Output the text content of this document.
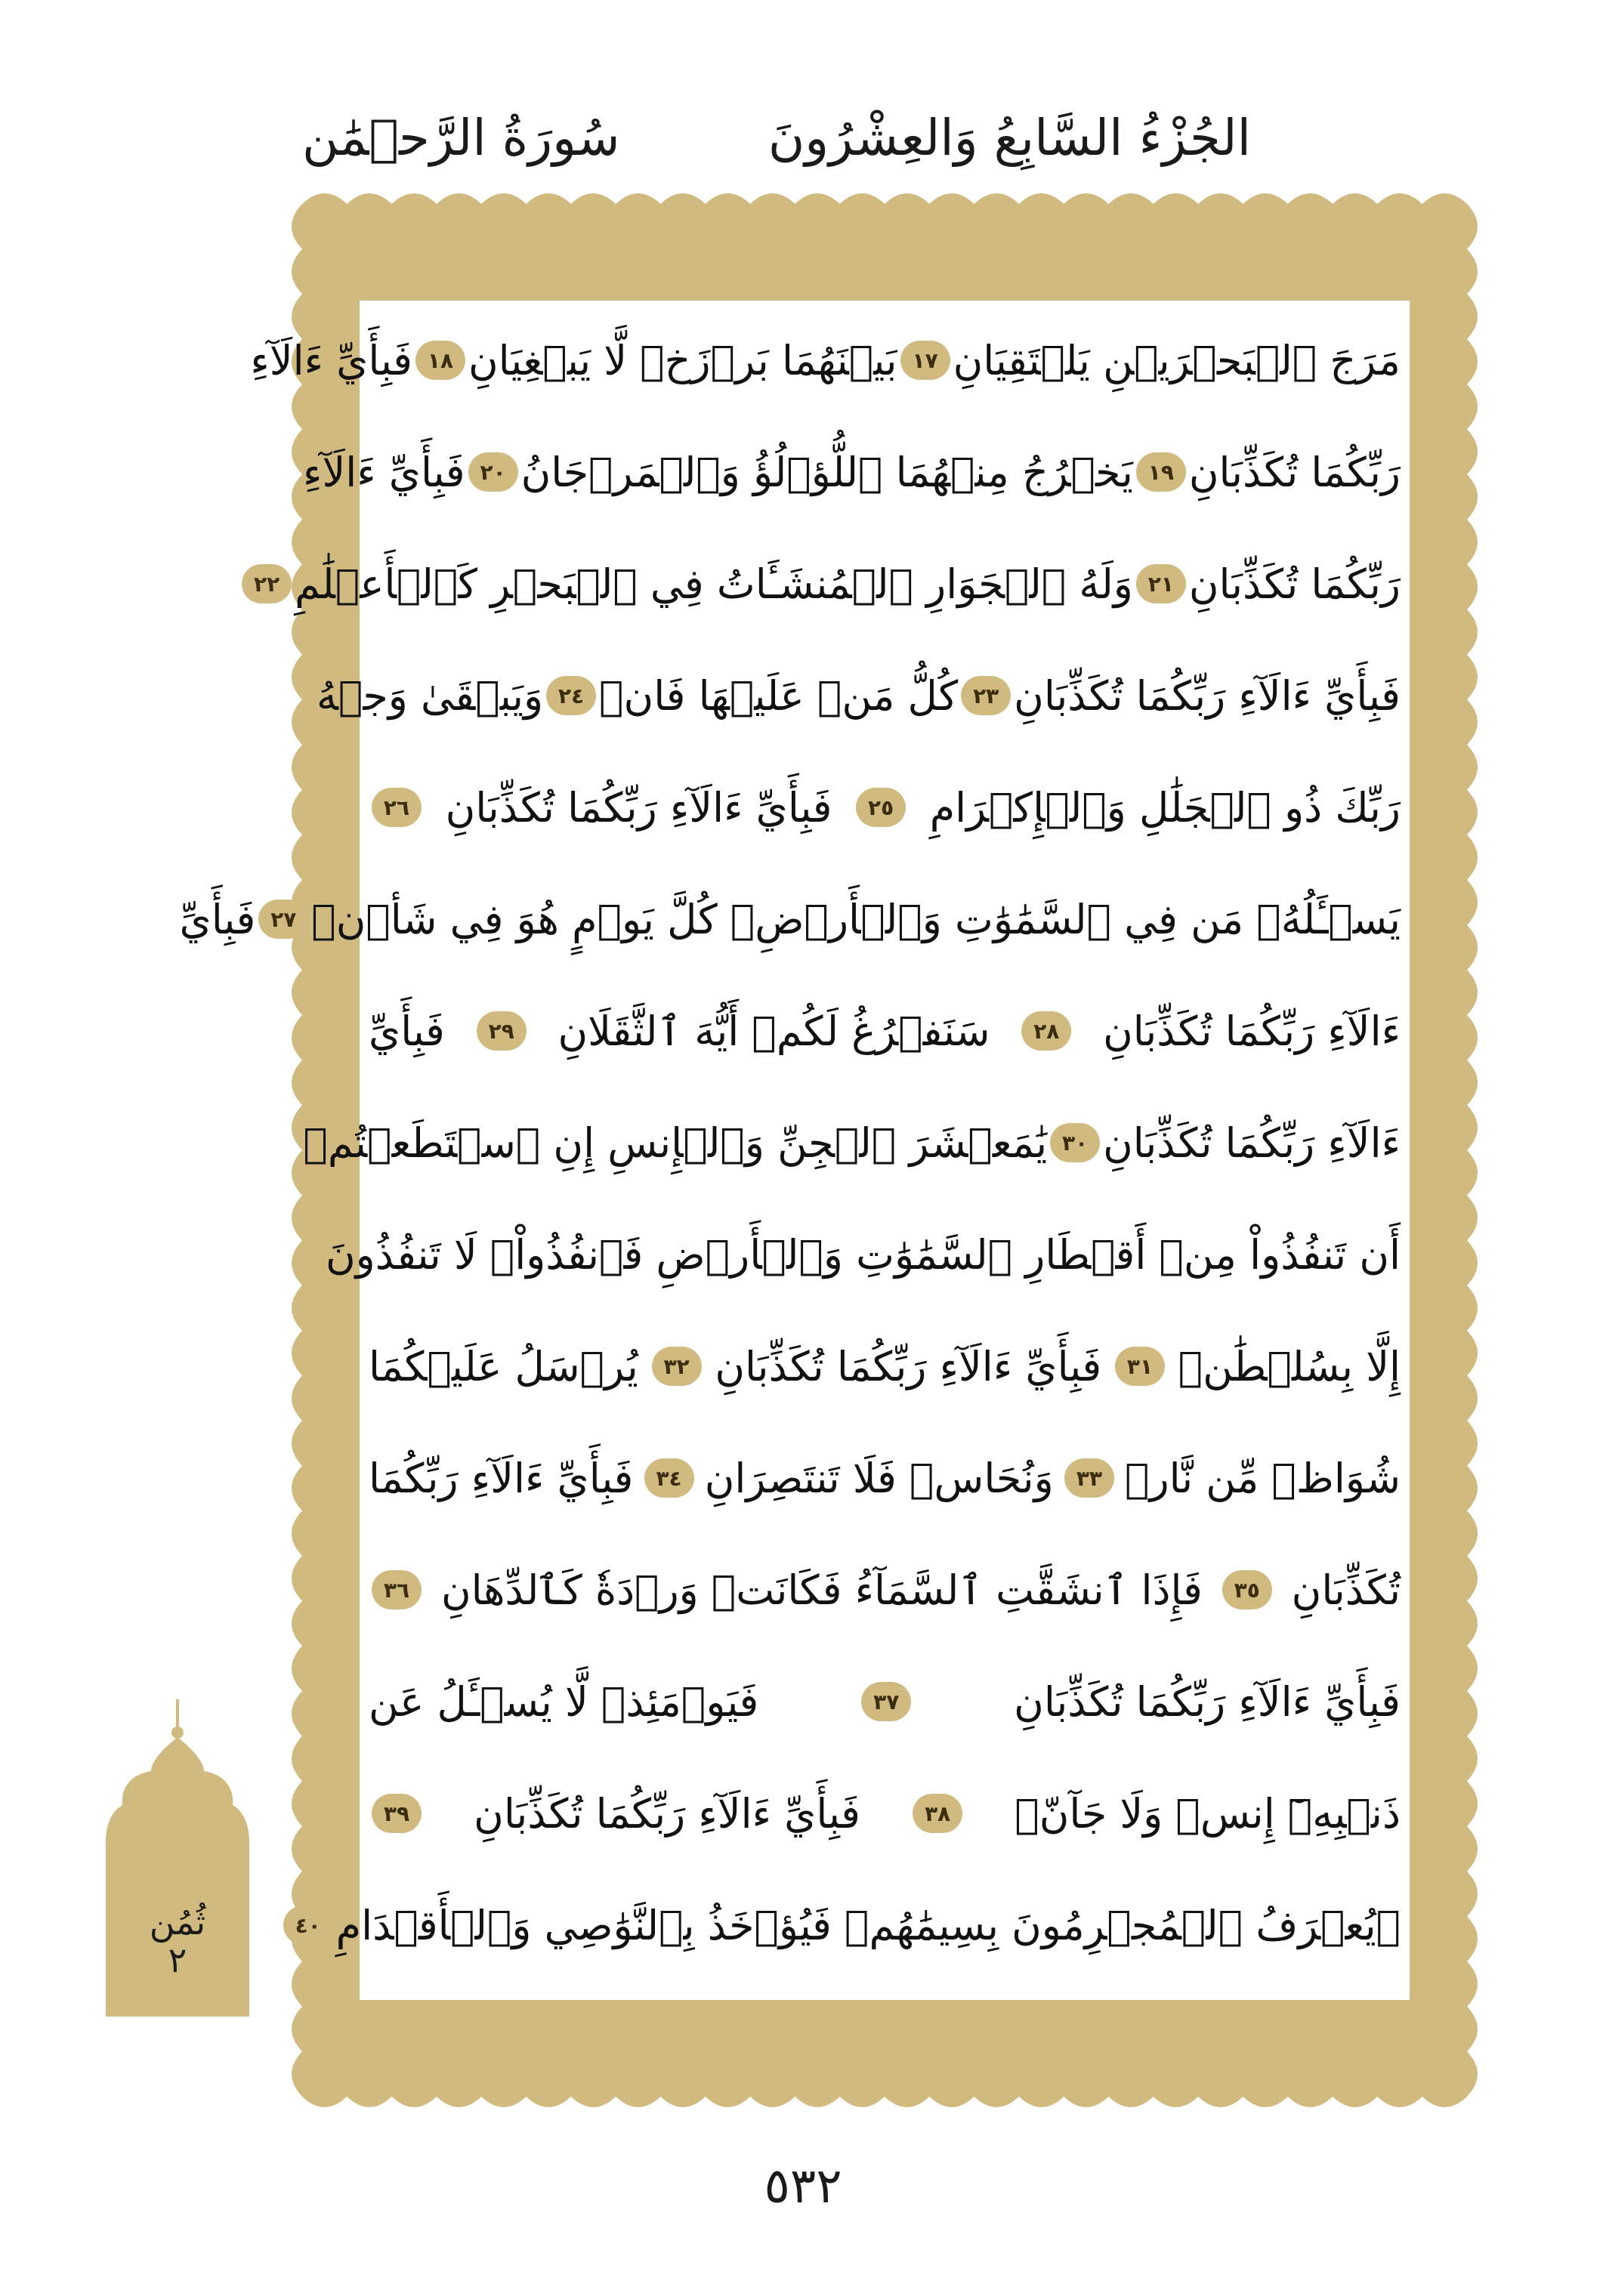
الجُزْءُ السَّابِعُ وَالعِشْرُونَ
سُورَةُ الرَّحۡمَٰن
مَرَجَ ٱلۡبَحۡرَيۡنِ يَلۡتَقِيَانِ
١٧
بَيۡنَهُمَا بَرۡزَخٞ لَّا يَبۡغِيَانِ
١٨
فَبِأَيِّ ءَالَآءِ
رَبِّكُمَا تُكَذِّبَانِ
١٩
يَخۡرُجُ مِنۡهُمَا ٱللُّؤۡلُؤُ وَٱلۡمَرۡجَانُ
٢٠
فَبِأَيِّ ءَالَآءِ
رَبِّكُمَا تُكَذِّبَانِ
٢١
وَلَهُ ٱلۡجَوَارِ ٱلۡمُنشَـَٔاتُ فِي ٱلۡبَحۡرِ كَٱلۡأَعۡلَٰمِ
٢٢
فَبِأَيِّ ءَالَآءِ رَبِّكُمَا تُكَذِّبَانِ
٢٣
كُلُّ مَنۡ عَلَيۡهَا فَانٖ
٢٤
وَيَبۡقَىٰ وَجۡهُ
رَبِّكَ ذُو ٱلۡجَلَٰلِ وَٱلۡإِكۡرَامِ
٢٥
فَبِأَيِّ ءَالَآءِ رَبِّكُمَا تُكَذِّبَانِ
٢٦
يَسۡـَٔلُهُۥ مَن فِي ٱلسَّمَٰوَٰتِ وَٱلۡأَرۡضِۚ كُلَّ يَوۡمٍ هُوَ فِي شَأۡنٖ
٢٧
فَبِأَيِّ
ءَالَآءِ رَبِّكُمَا تُكَذِّبَانِ
٢٨
سَنَفۡرُغُ لَكُمۡ أَيُّهَ ٱلثَّقَلَانِ
٢٩
فَبِأَيِّ
ءَالَآءِ رَبِّكُمَا تُكَذِّبَانِ
٣٠
يَٰمَعۡشَرَ ٱلۡجِنِّ وَٱلۡإِنسِ إِنِ ٱسۡتَطَعۡتُمۡ
أَن تَنفُذُواْ مِنۡ أَقۡطَارِ ٱلسَّمَٰوَٰتِ وَٱلۡأَرۡضِ فَٱنفُذُواْۚ لَا تَنفُذُونَ
إِلَّا بِسُلۡطَٰنٖ
٣١
فَبِأَيِّ ءَالَآءِ رَبِّكُمَا تُكَذِّبَانِ
٣٢
يُرۡسَلُ عَلَيۡكُمَا
شُوَاظٞ مِّن نَّارٖ
٣٣
وَنُحَاسٞ فَلَا تَنتَصِرَانِ
٣٤
فَبِأَيِّ ءَالَآءِ رَبِّكُمَا
تُكَذِّبَانِ
٣٥
فَإِذَا ٱنشَقَّتِ ٱلسَّمَآءُ فَكَانَتۡ وَرۡدَةٗ كَٱلدِّهَانِ
٣٦
فَبِأَيِّ ءَالَآءِ رَبِّكُمَا تُكَذِّبَانِ
٣٧
فَيَوۡمَئِذٖ لَّا يُسۡـَٔلُ عَن
ذَنۢبِهِۦٓ إِنسٞ وَلَا جَآنّٞ
٣٨
فَبِأَيِّ ءَالَآءِ رَبِّكُمَا تُكَذِّبَانِ
٣٩
۞يُعۡرَفُ ٱلۡمُجۡرِمُونَ بِسِيمَٰهُمۡ فَيُؤۡخَذُ بِٱلنَّوَٰصِي وَٱلۡأَقۡدَامِ
٤٠
ثُمُن
٢
٥٣٢
